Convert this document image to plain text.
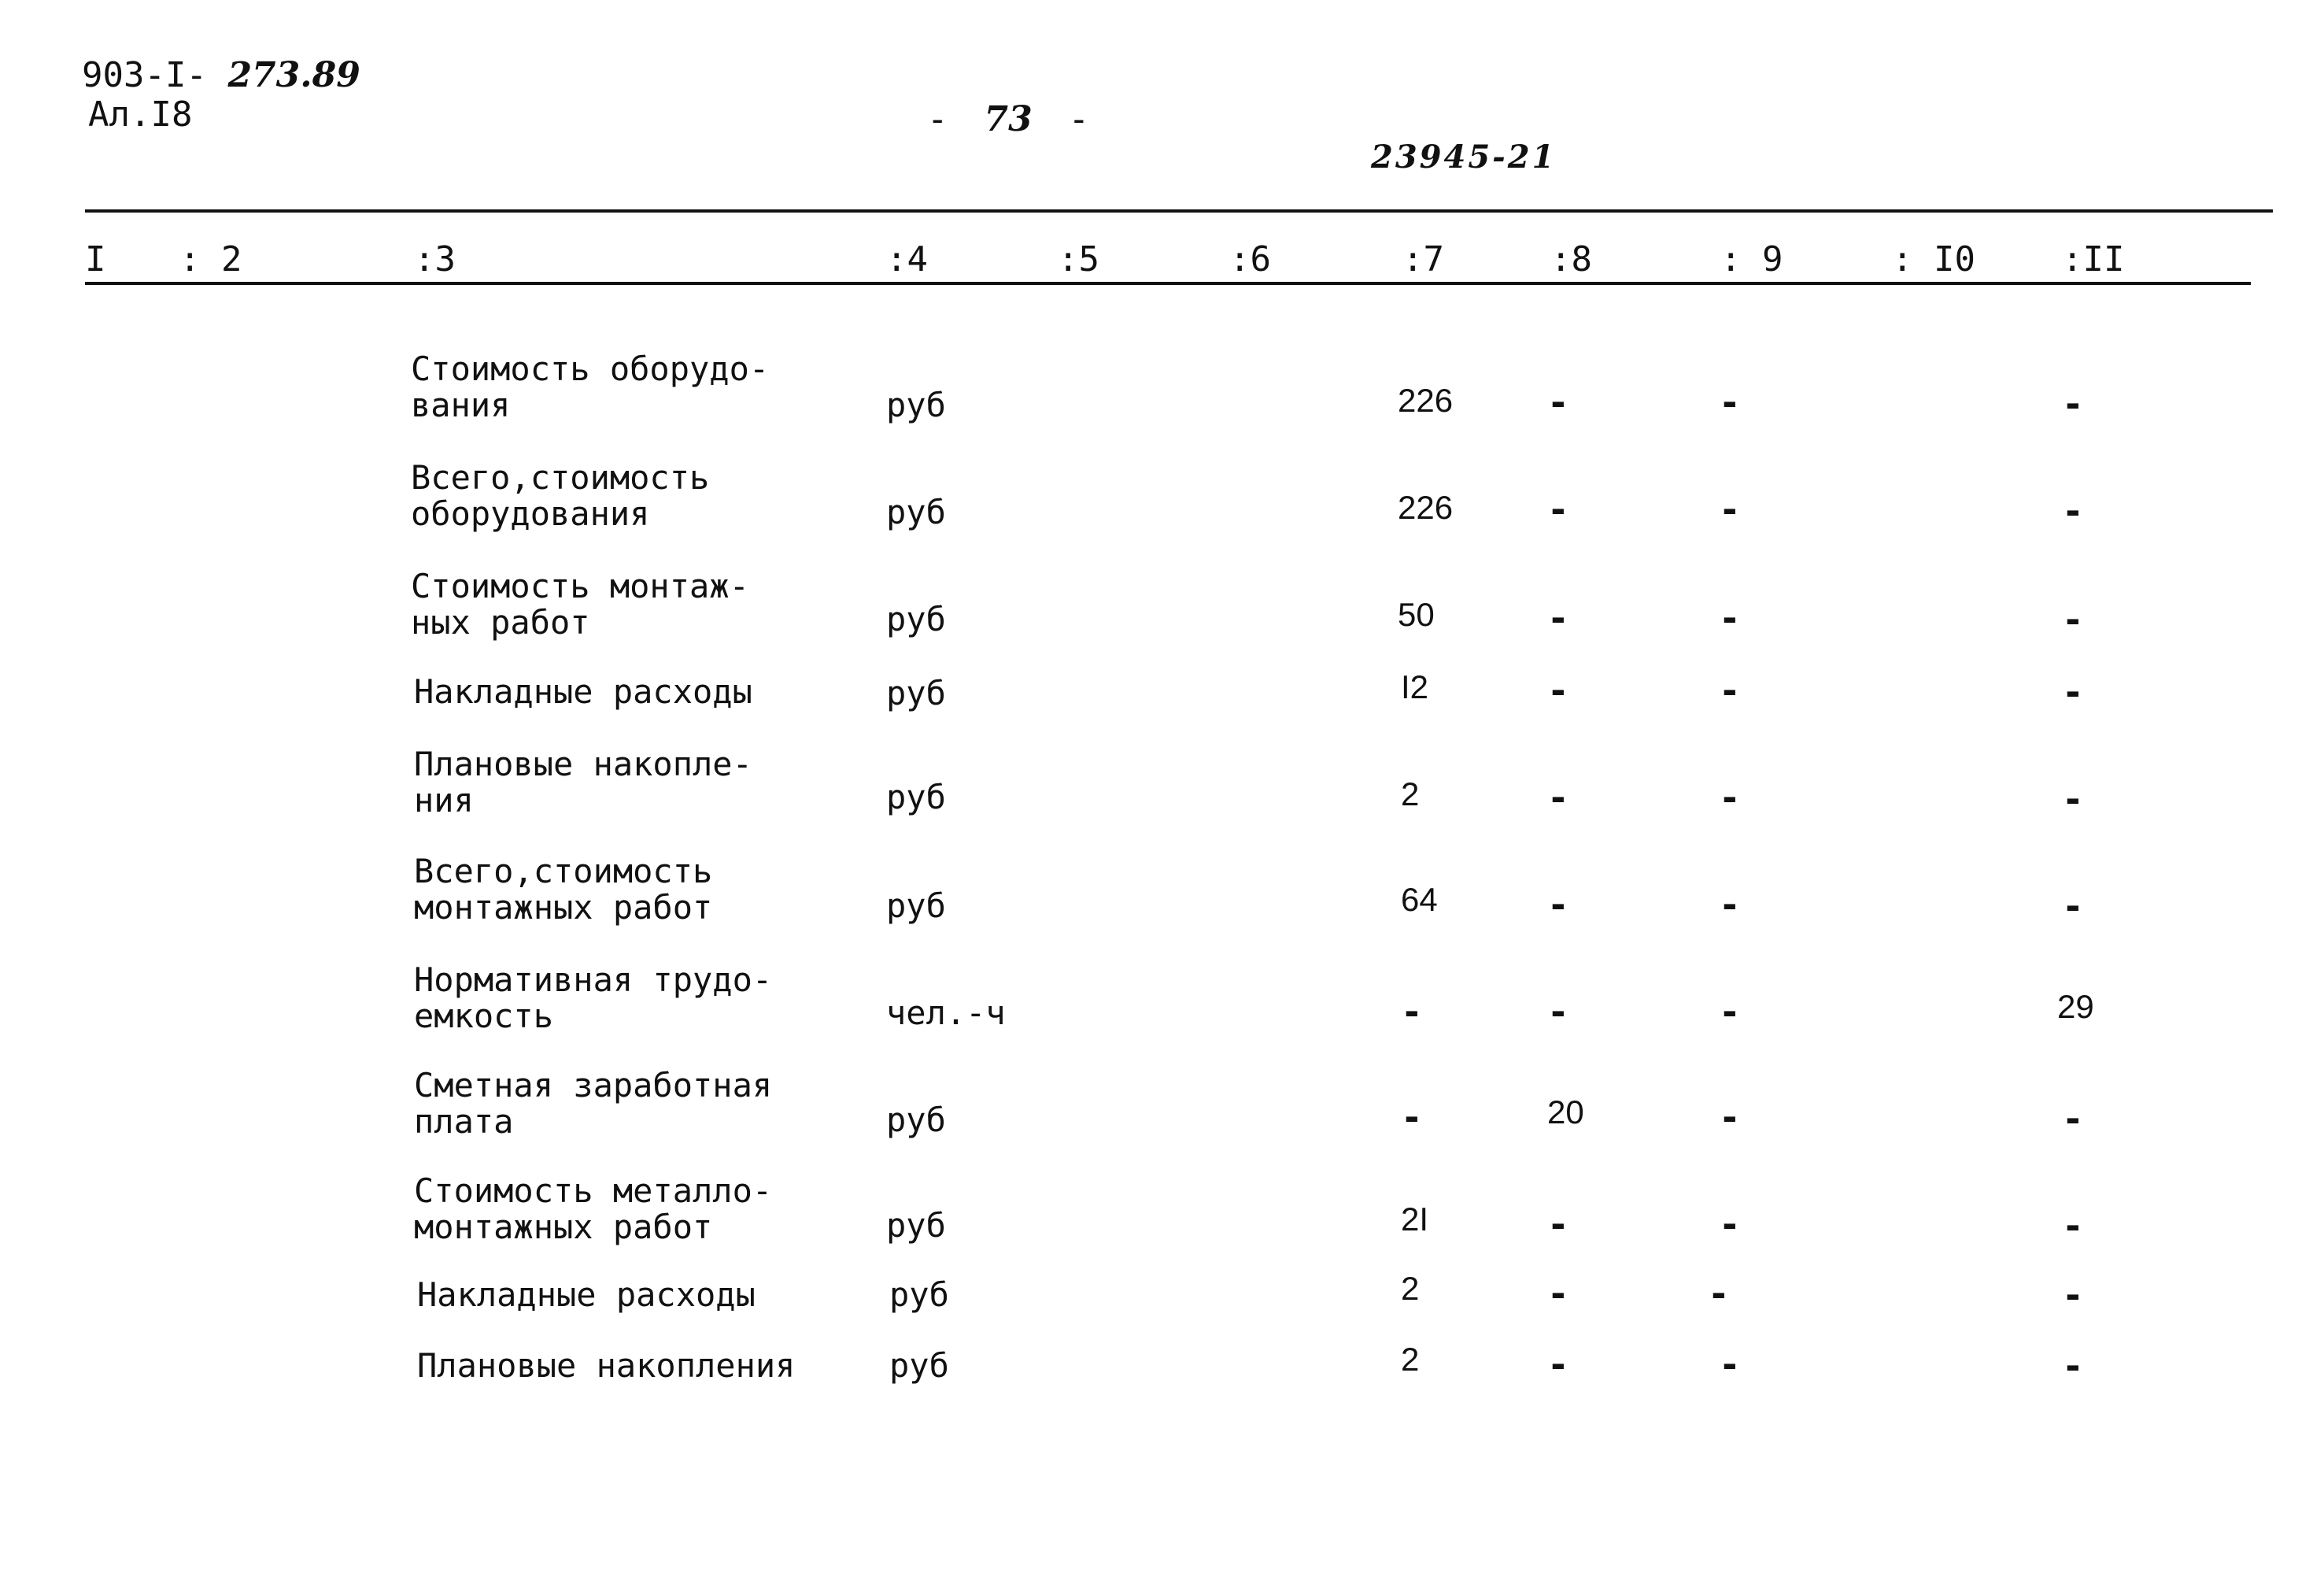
903-I- 273.89
Ал.I8	- 73 -
23945-21
I : 2	:3	:4	:5	:6	:7	:8	: 9	: I0	:II
Стоимость оборудо-
вания	руб	226	-	-	-
Всего,стоимость
оборудования	руб	226	-	-	-
Стоимость монтаж-
ных работ	руб	50	-	-	-
Накладные расходы	руб	I2	-	-	-
Плановые накопле-
ния	руб	2	-	-	-
Всего,стоимость
монтажных работ	руб	64	-	-	-
Нормативная трудо-
емкость	чел.-ч	-	-	-	29
Сметная заработная
плата	руб	-	20	-	-
Стоимость металло-
монтажных работ	руб	2I	-	-	-
Накладные расходы	руб	2	-	-	-
Плановые накопления	руб	2	-	-	-
